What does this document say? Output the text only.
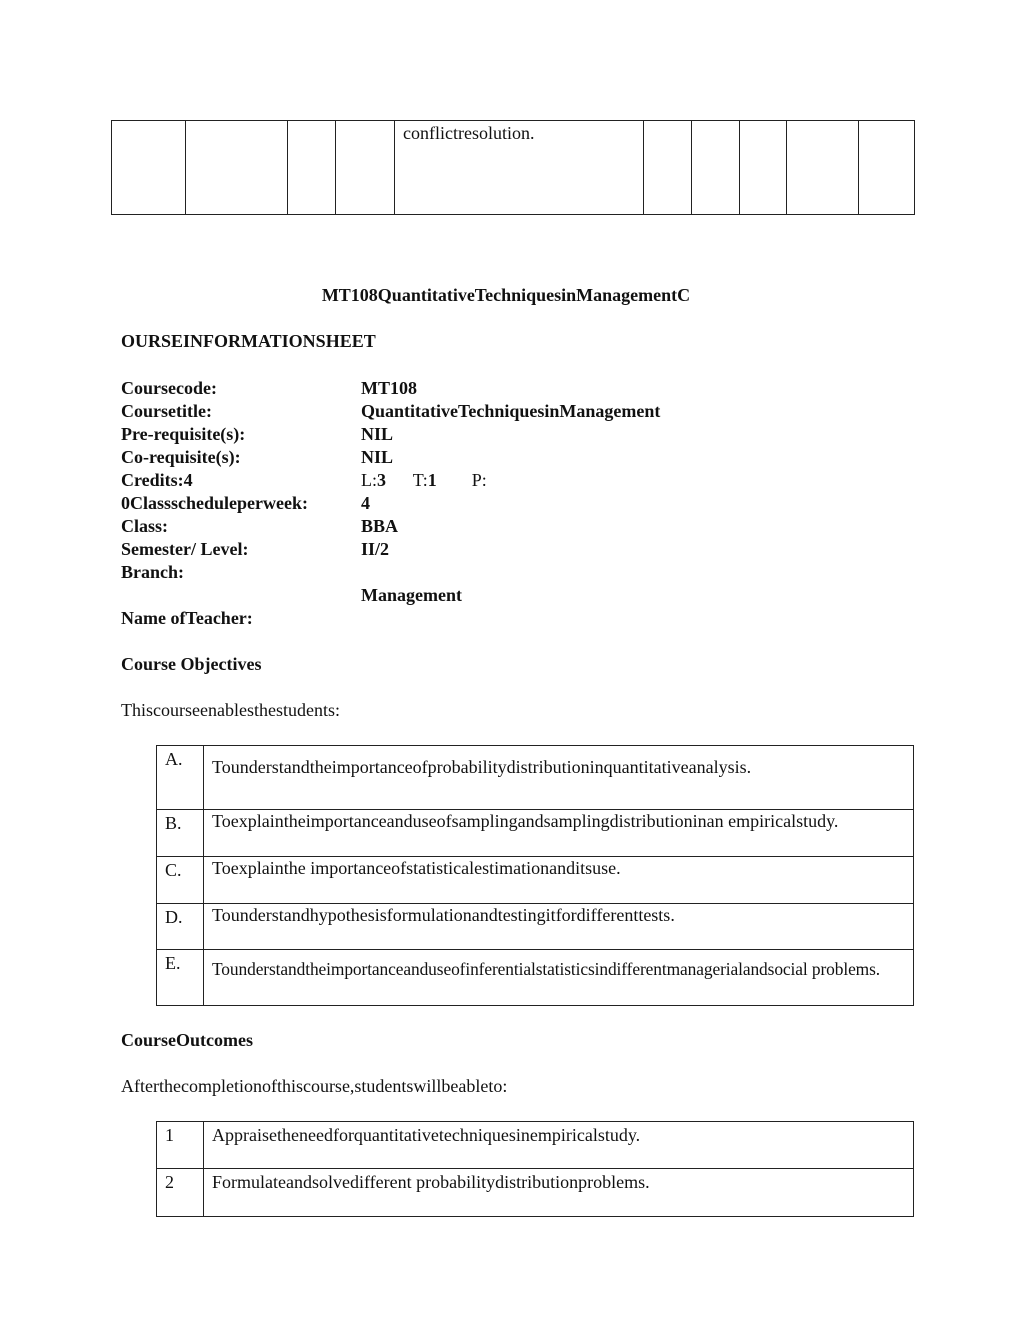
				conflictresolution.					
MT108QuantitativeTechniquesinManagementC
OURSEINFORMATIONSHEET
Coursecode:	MT108
Coursetitle:	QuantitativeTechniquesinManagement
Pre-requisite(s):	NIL
Co-requisite(s):	NIL
Credits:4	L:3 T:1 P:
0Classscheduleperweek:	4
Class:	BBA
Semester/ Level:	II/2
Branch:
Management
Name ofTeacher:
Course Objectives
Thiscourseenablesthestudents:
A.	Tounderstandtheimportanceofprobabilitydistributioninquantitativeanalysis.
B.	Toexplaintheimportanceanduseofsamplingandsamplingdistributioninan empiricalstudy.
C.	Toexplainthe importanceofstatisticalestimationanditsuse.
D.	Tounderstandhypothesisformulationandtestingitfordifferenttests.
E.	Tounderstandtheimportanceanduseofinferentialstatisticsindifferentmanagerialandsocial problems.
CourseOutcomes
Afterthecompletionofthiscourse,studentswillbeableto:
1	Appraisetheneedforquantitativetechniquesinempiricalstudy.
2	Formulateandsolvedifferent probabilitydistributionproblems.
